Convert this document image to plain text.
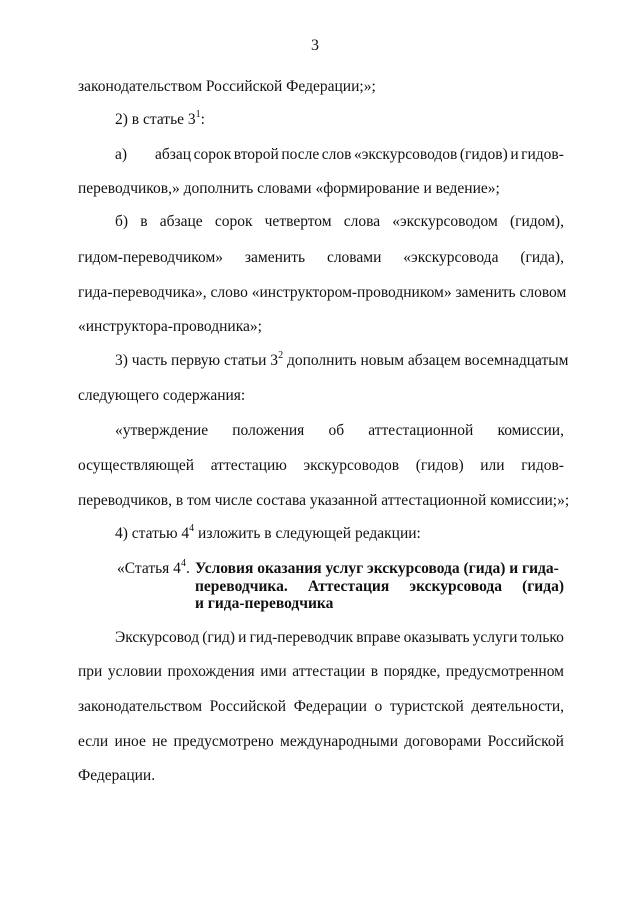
3
законодательством Российской Федерации;»;
2) в статье $3^1$:
а) абзац сорок второй после слов «экскурсоводов (гидов) и гидов-
переводчиков,» дополнить словами «формирование и ведение»;
б) в абзаце сорок четвертом слова «экскурсоводом (гидом),
гидом-переводчиком» заменить словами «экскурсовода (гида),
гида-переводчика», слово «инструктором-проводником» заменить словом
«инструктора-проводника»;
3) часть первую статьи $3^2$ дополнить новым абзацем восемнадцатым
следующего содержания:
«утверждение положения об аттестационной комиссии,
осуществляющей аттестацию экскурсоводов (гидов) или гидов-
переводчиков, в том числе состава указанной аттестационной комиссии;»;
4) статью $4^4$ изложить в следующей редакции:
«Статья $4^4$. Условия оказания услуг экскурсовода (гида) и гида-
переводчика. Аттестация экскурсовода (гида)
и гида-переводчика
Экскурсовод (гид) и гид-переводчик вправе оказывать услуги только
при условии прохождения ими аттестации в порядке, предусмотренном
законодательством Российской Федерации о туристской деятельности,
если иное не предусмотрено международными договорами Российской
Федерации.
